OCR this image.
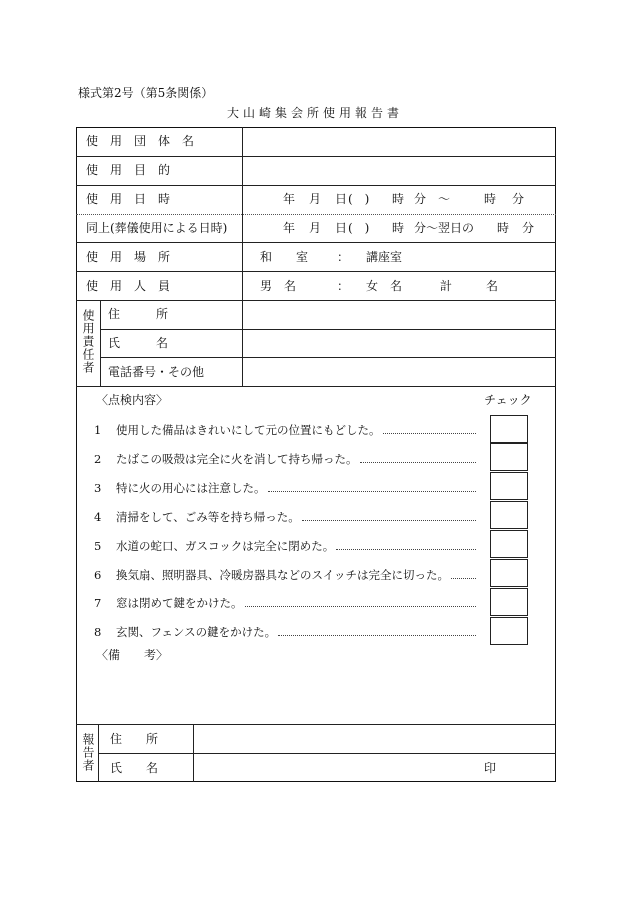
様式第2号（第5条関係）
大山崎集会所使用報告書
使　用　団　体　名
使　用　目　的
使　用　日　時	年 月 日 (　) 時 分 ～	時 分
同上(葬儀使用による日時)	年 月 日 (　) 時 分～翌日の 時 分
使　用　場　所	和　　室 ： 講座室
使　用　人　員	男　名	： 女　名	計	名
使用責任者 住　　　所
氏　　　名
電話番号・その他
〈点検内容〉	チェック
1	使用した備品はきれいにして元の位置にもどした。
2	たばこの吸殻は完全に火を消して持ち帰った。
3	特に火の用心には注意した。
4	清掃をして、ごみ等を持ち帰った。
5	水道の蛇口、ガスコックは完全に閉めた。
6	換気扇、照明器具、冷暖房器具などのスイッチは完全に切った。
7	窓は閉めて鍵をかけた。
8	玄関、フェンスの鍵をかけた。
〈備　　考〉
報告者 住　　所
氏　　名	印
